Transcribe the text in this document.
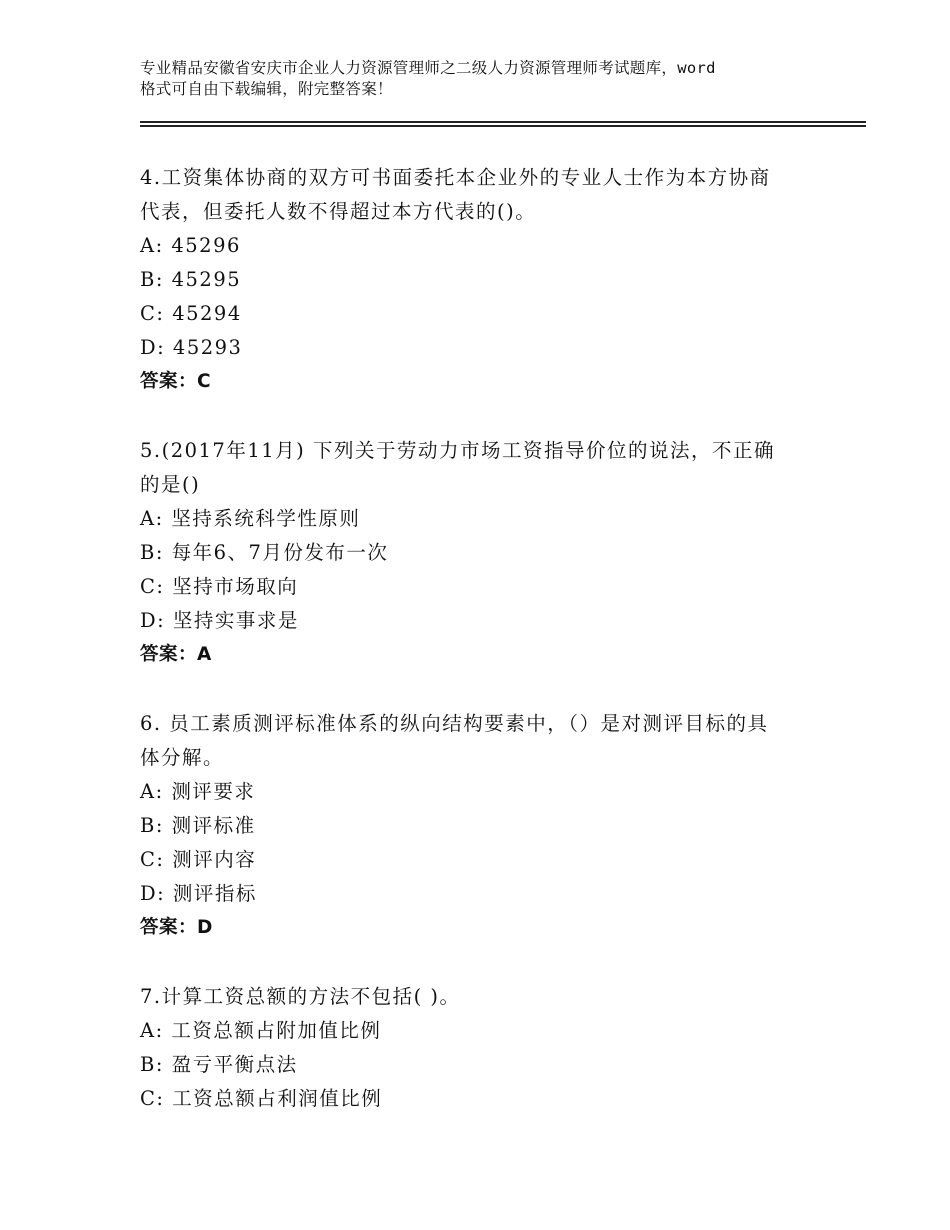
专业精品安徽省安庆市企业人力资源管理师之二级人力资源管理师考试题库，word
格式可自由下载编辑，附完整答案！
4.工资集体协商的双方可书面委托本企业外的专业人士作为本方协商
代表，但委托人数不得超过本方代表的()。
A: 45296
B: 45295
C: 45294
D: 45293
答案：C
5.(2017年11月) 下列关于劳动力市场工资指导价位的说法，不正确
的是()
A: 坚持系统科学性原则
B: 每年6、7月份发布一次
C: 坚持市场取向
D: 坚持实事求是
答案：A
6. 员工素质测评标准体系的纵向结构要素中，（）是对测评目标的具
体分解。
A: 测评要求
B: 测评标准
C: 测评内容
D: 测评指标
答案：D
7.计算工资总额的方法不包括( )。
A: 工资总额占附加值比例
B: 盈亏平衡点法
C: 工资总额占利润值比例
